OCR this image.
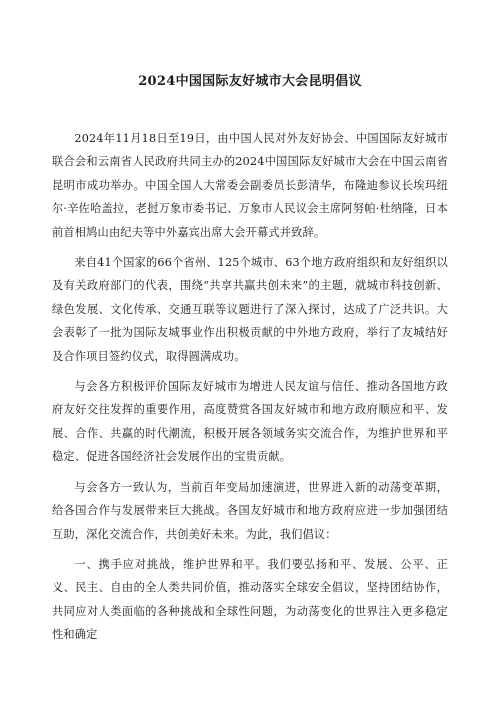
2024中国国际友好城市大会昆明倡议

2024年11月18日至19日，由中国人民对外友好协会、中国国际友好城市联合会和云南省人民政府共同主办的2024中国国际友好城市大会在中国云南省昆明市成功举办。中国全国人大常委会副委员长彭清华，布隆迪参议长埃玛纽尔·辛佐哈盖拉，老挝万象市委书记、万象市人民议会主席阿努帕·杜纳隆，日本前首相鸠山由纪夫等中外嘉宾出席大会开幕式并致辞。

来自41个国家的66个省州、125个城市、63个地方政府组织和友好组织以及有关政府部门的代表，围绕“共享共赢共创未来”的主题，就城市科技创新、绿色发展、文化传承、交通互联等议题进行了深入探讨，达成了广泛共识。大会表彰了一批为国际友城事业作出积极贡献的中外地方政府，举行了友城结好及合作项目签约仪式，取得圆满成功。

与会各方积极评价国际友好城市为增进人民友谊与信任、推动各国地方政府友好交往发挥的重要作用，高度赞赏各国友好城市和地方政府顺应和平、发展、合作、共赢的时代潮流，积极开展各领域务实交流合作，为维护世界和平稳定、促进各国经济社会发展作出的宝贵贡献。

与会各方一致认为，当前百年变局加速演进，世界进入新的动荡变革期，给各国合作与发展带来巨大挑战。各国友好城市和地方政府应进一步加强团结互助，深化交流合作，共创美好未来。为此，我们倡议：

一、携手应对挑战，维护世界和平。我们要弘扬和平、发展、公平、正义、民主、自由的全人类共同价值，推动落实全球安全倡议，坚持团结协作，共同应对人类面临的各种挑战和全球性问题，为动荡变化的世界注入更多稳定性和确定
